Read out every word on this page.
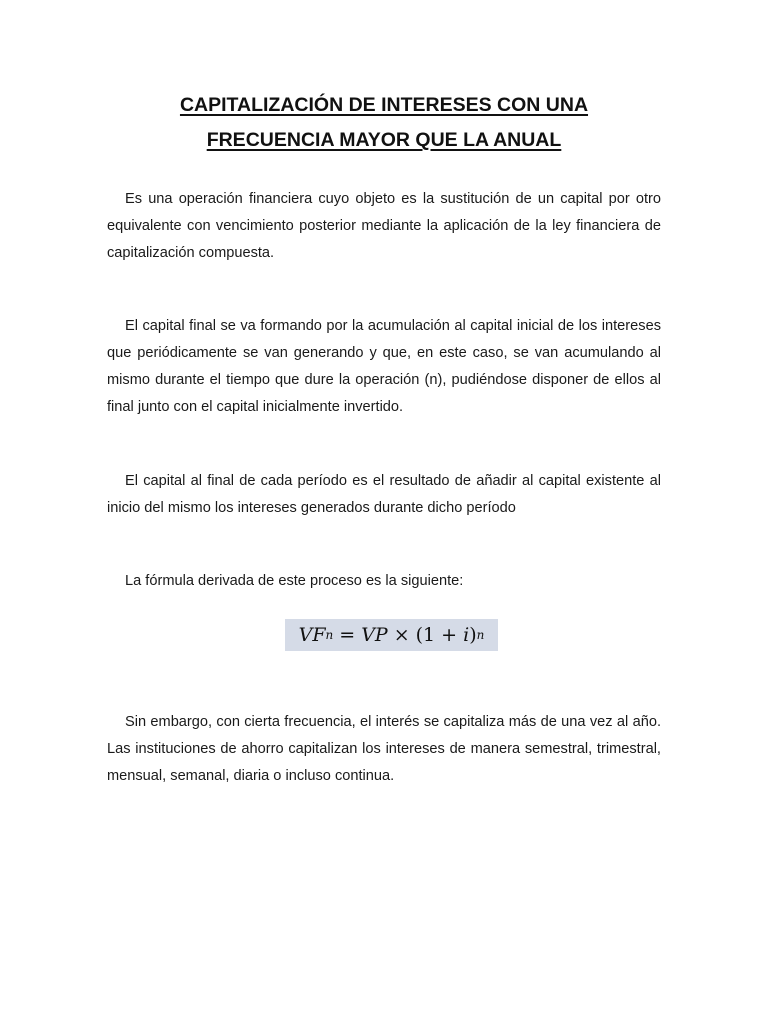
CAPITALIZACIÓN DE INTERESES CON UNA
FRECUENCIA MAYOR QUE LA ANUAL

Es una operación financiera cuyo objeto es la sustitución de un capital por otro equivalente con vencimiento posterior mediante la aplicación de la ley financiera de capitalización compuesta.

El capital final se va formando por la acumulación al capital inicial de los intereses que periódicamente se van generando y que, en este caso, se van acumulando al mismo durante el tiempo que dure la operación (n), pudiéndose disponer de ellos al final junto con el capital inicialmente invertido.

El capital al final de cada período es el resultado de añadir al capital existente al inicio del mismo los intereses generados durante dicho período

La fórmula derivada de este proceso es la siguiente:

VF n = VP × (1 + i ) n

Sin embargo, con cierta frecuencia, el interés se capitaliza más de una vez al año. Las instituciones de ahorro capitalizan los intereses de manera semestral, trimestral, mensual, semanal, diaria o incluso continua.
